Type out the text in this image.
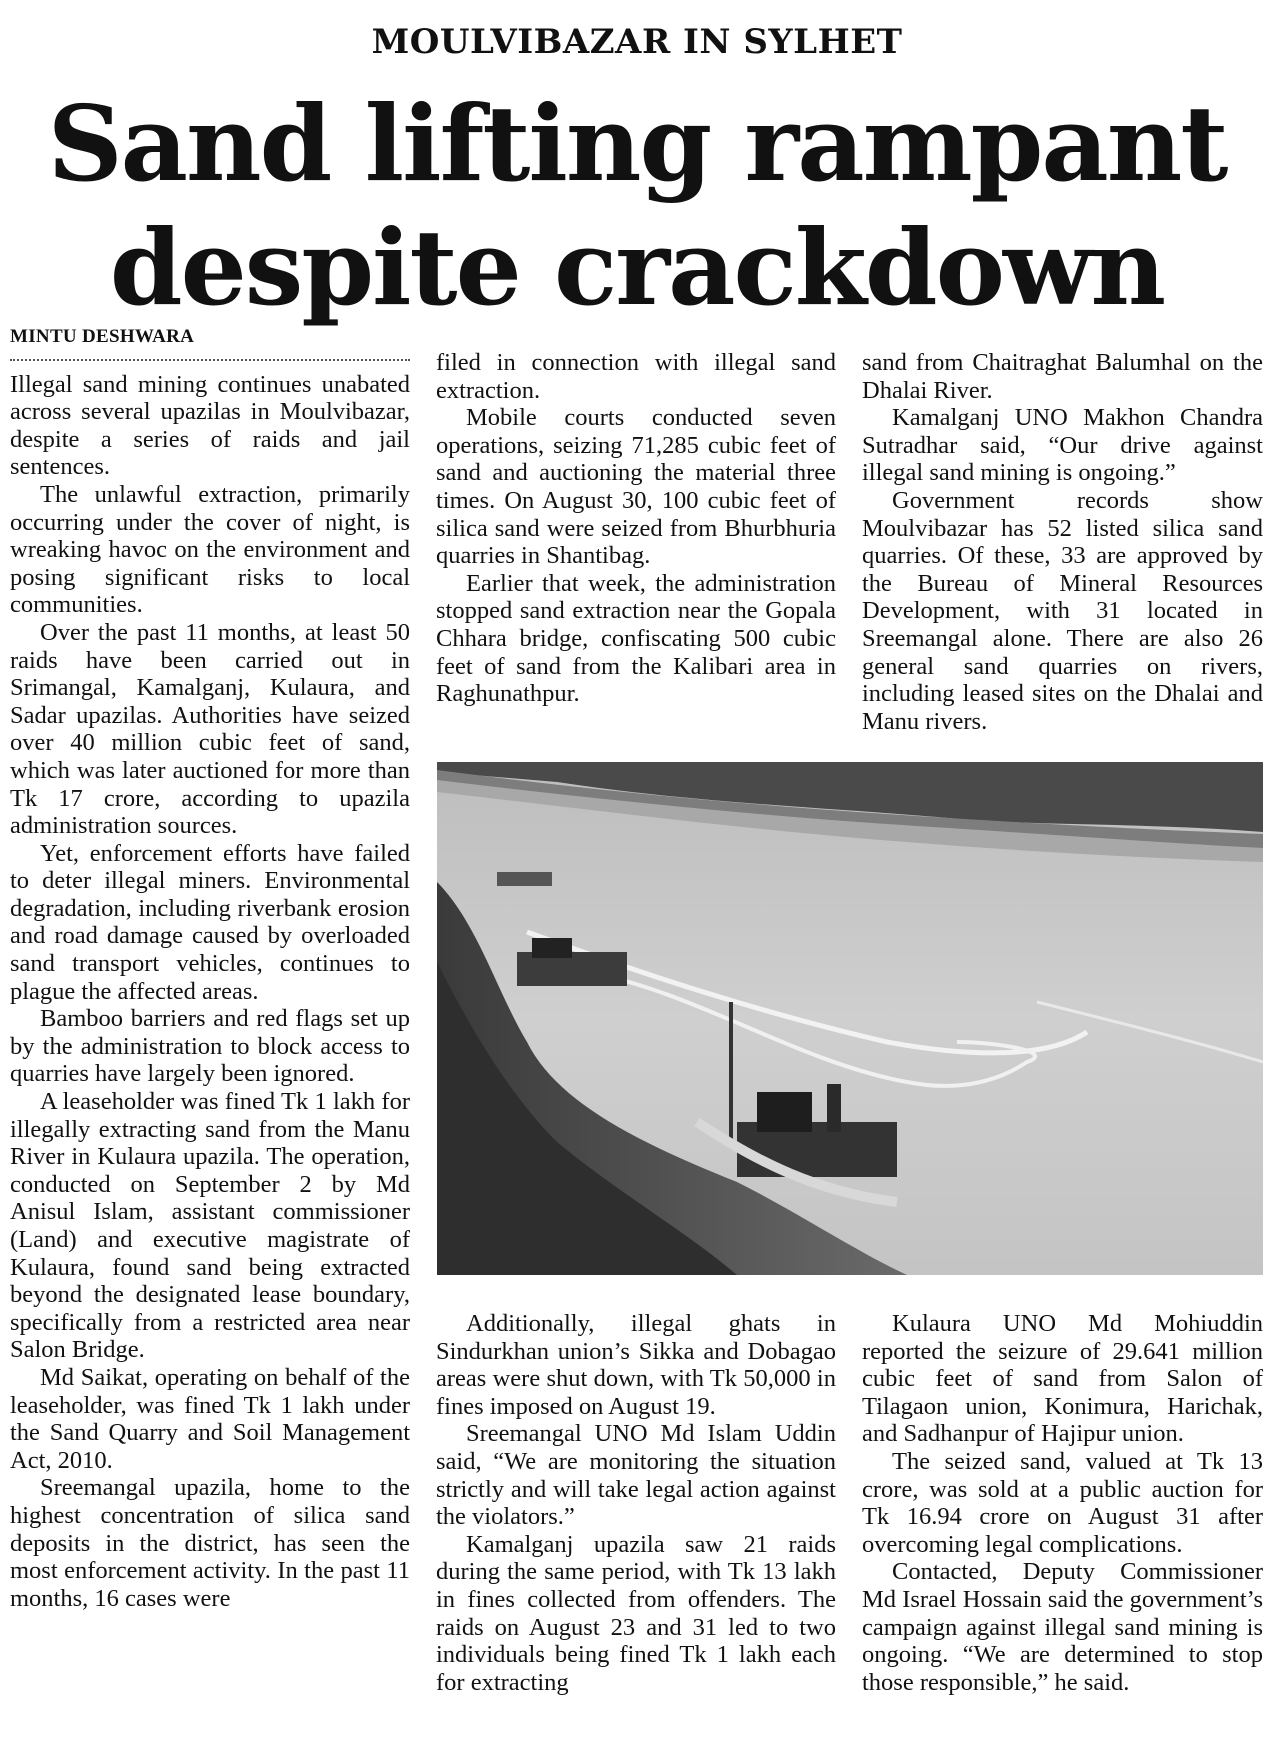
MOULVIBAZAR IN SYLHET
Sand lifting rampant
despite crackdown
MINTU DESHWARA

Illegal sand mining continues unabated across several upazilas in Moulvibazar, despite a series of raids and jail sentences.

The unlawful extraction, primarily occurring under the cover of night, is wreaking havoc on the environment and posing significant risks to local communities.

Over the past 11 months, at least 50 raids have been carried out in Srimangal, Kamalganj, Kulaura, and Sadar upazilas. Authorities have seized over 40 million cubic feet of sand, which was later auctioned for more than Tk 17 crore, according to upazila administration sources.

Yet, enforcement efforts have failed to deter illegal miners. Environmental degradation, including riverbank erosion and road damage caused by overloaded sand transport vehicles, continues to plague the affected areas.

Bamboo barriers and red flags set up by the administration to block access to quarries have largely been ignored.

A leaseholder was fined Tk 1 lakh for illegally extracting sand from the Manu River in Kulaura upazila. The operation, conducted on September 2 by Md Anisul Islam, assistant commissioner (Land) and executive magistrate of Kulaura, found sand being extracted beyond the designated lease boundary, specifically from a restricted area near Salon Bridge.

Md Saikat, operating on behalf of the leaseholder, was fined Tk 1 lakh under the Sand Quarry and Soil Management Act, 2010.

Sreemangal upazila, home to the highest concentration of silica sand deposits in the district, has seen the most enforcement activity. In the past 11 months, 16 cases were

filed in connection with illegal sand extraction.

Mobile courts conducted seven operations, seizing 71,285 cubic feet of sand and auctioning the material three times. On August 30, 100 cubic feet of silica sand were seized from Bhurbhuria quarries in Shantibag.

Earlier that week, the administration stopped sand extraction near the Gopala Chhara bridge, confiscating 500 cubic feet of sand from the Kalibari area in Raghunathpur.

sand from Chaitraghat Balumhal on the Dhalai River.

Kamalganj UNO Makhon Chandra Sutradhar said, “Our drive against illegal sand mining is ongoing.”

Government records show Moulvibazar has 52 listed silica sand quarries. Of these, 33 are approved by the Bureau of Mineral Resources Development, with 31 located in Sreemangal alone. There are also 26 general sand quarries on rivers, including leased sites on the Dhalai and Manu rivers.

Additionally, illegal ghats in Sindurkhan union’s Sikka and Dobagao areas were shut down, with Tk 50,000 in fines imposed on August 19.

Sreemangal UNO Md Islam Uddin said, “We are monitoring the situation strictly and will take legal action against the violators.”

Kamalganj upazila saw 21 raids during the same period, with Tk 13 lakh in fines collected from offenders. The raids on August 23 and 31 led to two individuals being fined Tk 1 lakh each for extracting

Kulaura UNO Md Mohiuddin reported the seizure of 29.641 million cubic feet of sand from Salon of Tilagaon union, Konimura, Harichak, and Sadhanpur of Hajipur union.

The seized sand, valued at Tk 13 crore, was sold at a public auction for Tk 16.94 crore on August 31 after overcoming legal complications.

Contacted, Deputy Commissioner Md Israel Hossain said the government’s campaign against illegal sand mining is ongoing. “We are determined to stop those responsible,” he said.
